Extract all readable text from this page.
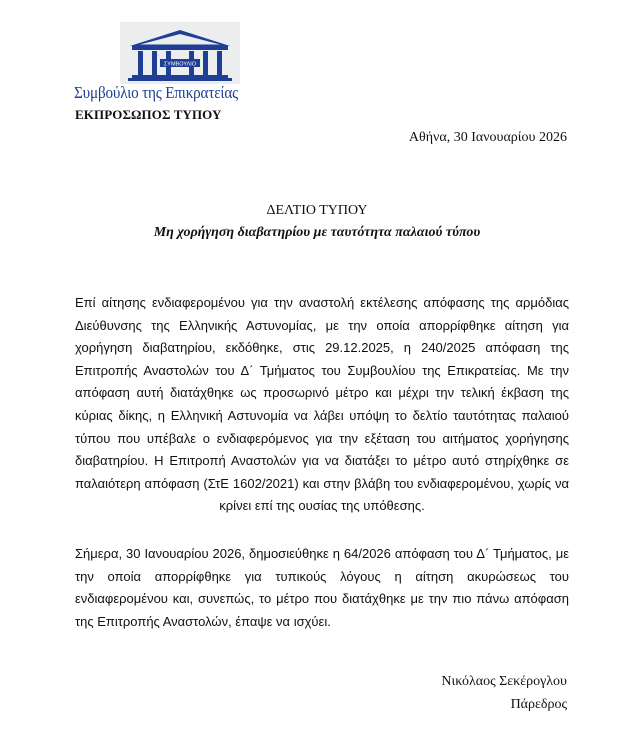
ΣΥΜΒΟΥΛΙΟ
Συμβούλιο της Επικρατείας
ΕΚΠΡΟΣΩΠΟΣ ΤΥΠΟΥ
Αθήνα, 30 Ιανουαρίου 2026
ΔΕΛΤΙΟ ΤΥΠΟΥ
Μη χορήγηση διαβατηρίου με ταυτότητα παλαιού τύπου

Επί αίτησης ενδιαφερομένου για την αναστολή εκτέλεσης απόφασης της αρμόδιας Διεύθυνσης της Ελληνικής Αστυνομίας, με την οποία απορρίφθηκε αίτηση για χορήγηση διαβατηρίου, εκδόθηκε, στις 29.12.2025, η 240/2025 απόφαση της Επιτροπής Αναστολών του Δ΄ Τμήματος του Συμβουλίου της Επικρατείας. Με την απόφαση αυτή διατάχθηκε ως προσωρινό μέτρο και μέχρι την τελική έκβαση της κύριας δίκης, η Ελληνική Αστυνομία να λάβει υπόψη το δελτίο ταυτότητας παλαιού τύπου που υπέβαλε ο ενδιαφερόμενος για την εξέταση του αιτήματος χορήγησης διαβατηρίου. Η Επιτροπή Αναστολών για να διατάξει το μέτρο αυτό στηρίχθηκε σε παλαιότερη απόφαση (ΣτΕ 1602/2021) και στην βλάβη του ενδιαφερομένου, χωρίς να κρίνει επί της ουσίας της υπόθεσης.

Σήμερα, 30 Ιανουαρίου 2026, δημοσιεύθηκε η 64/2026 απόφαση του Δ΄ Τμήματος, με την οποία απορρίφθηκε για τυπικούς λόγους η αίτηση ακυρώσεως του ενδιαφερομένου και, συνεπώς, το μέτρο που διατάχθηκε με την πιο πάνω απόφαση της Επιτροπής Αναστολών, έπαψε να ισχύει.

Νικόλαος Σεκέρογλου
Πάρεδρος
